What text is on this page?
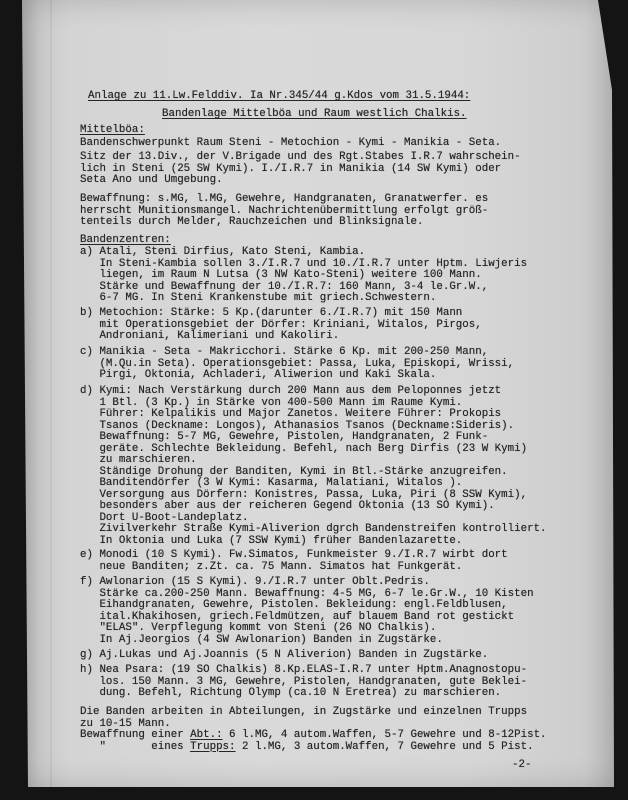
Anlage zu 11.Lw.Felddiv. Ia Nr.345/44 g.Kdos vom 31.5.1944:
Bandenlage Mittelböa und Raum westlich Chalkis.
Mittelböa:
Bandenschwerpunkt Raum Steni - Metochion - Kymi - Manikia - Seta.
Sitz der 13.Div., der V.Brigade und des Rgt.Stabes I.R.7 wahrschein-
lich in Steni (25 SW Kymi). I./I.R.7 in Manikia (14 SW Kymi) oder
Seta Ano und Umgebung.
Bewaffnung: s.MG, l.MG, Gewehre, Handgranaten, Granatwerfer. es
herrscht Munitionsmangel. Nachrichtenübermittlung erfolgt größ-
tenteils durch Melder, Rauchzeichen und Blinksignale.
Bandenzentren:
a) Atali, Steni Dirfius, Kato Steni, Kambia.
In Steni-Kambia sollen 3./I.R.7 und 10./I.R.7 unter Hptm. Liwjeris
liegen, im Raum N Lutsa (3 NW Kato-Steni) weitere 100 Mann.
Stärke und Bewaffnung der 10./I.R.7: 160 Mann, 3-4 le.Gr.W.,
6-7 MG. In Steni Krankenstube mit griech.Schwestern.
b) Metochion: Stärke: 5 Kp.(darunter 6./I.R.7) mit 150 Mann
mit Operationsgebiet der Dörfer: Kriniani, Witalos, Pirgos,
Androniani, Kalimeriani und Kakoliri.
c) Manikia - Seta - Makricchori. Stärke 6 Kp. mit 200-250 Mann,
(M.Qu.in Seta). Operationsgebiet: Passa, Luka, Episkopi, Wrissi,
Pirgi, Oktonia, Achladeri, Aliwerion und Kaki Skala.
d) Kymi: Nach Verstärkung durch 200 Mann aus dem Peloponnes jetzt
1 Btl. (3 Kp.) in Stärke von 400-500 Mann im Raume Kymi.
Führer: Kelpalikis und Major Zanetos. Weitere Führer: Prokopis
Tsanos (Deckname: Longos), Athanasios Tsanos (Deckname:Sideris).
Bewaffnung: 5-7 MG, Gewehre, Pistolen, Handgranaten, 2 Funk-
geräte. Schlechte Bekleidung. Befehl, nach Berg Dirfis (23 W Kymi)
zu marschieren.
Ständige Drohung der Banditen, Kymi in Btl.-Stärke anzugreifen.
Banditendörfer (3 W Kymi: Kasarma, Malatiani, Witalos ).
Versorgung aus Dörfern: Konistres, Passa, Luka, Piri (8 SSW Kymi),
besonders aber aus der reicheren Gegend Oktonia (13 SO Kymi).
Dort U-Boot-Landeplatz.
Zivilverkehr Straße Kymi-Aliverion dgrch Bandenstreifen kontrolliert.
In Oktonia und Luka (7 SSW Kymi) früher Bandenlazarette.
e) Monodi (10 S Kymi). Fw.Simatos, Funkmeister 9./I.R.7 wirbt dort
neue Banditen; z.Zt. ca. 75 Mann. Simatos hat Funkgerät.
f) Awlonarion (15 S Kymi). 9./I.R.7 unter Oblt.Pedris.
Stärke ca.200-250 Mann. Bewaffnung: 4-5 MG, 6-7 le.Gr.W., 10 Kisten
Eihandgranaten, Gewehre, Pistolen. Bekleidung: engl.Feldblusen,
ital.Khakihosen, griech.Feldmützen, auf blauem Band rot gestickt
"ELAS". Verpflegung kommt von Steni (26 NO Chalkis).
In Aj.Jeorgios (4 SW Awlonarion) Banden in Zugstärke.
g) Aj.Lukas und Aj.Joannis (5 N Aliverion) Banden in Zugstärke.
h) Nea Psara: (19 SO Chalkis) 8.Kp.ELAS-I.R.7 unter Hptm.Anagnostopu-
los. 150 Mann. 3 MG, Gewehre, Pistolen, Handgranaten, gute Beklei-
dung. Befehl, Richtung Olymp (ca.10 N Eretrea) zu marschieren.
Die Banden arbeiten in Abteilungen, in Zugstärke und einzelnen Trupps
zu 10-15 Mann.
Bewaffnung einer Abt.: 6 l.MG, 4 autom.Waffen, 5-7 Gewehre und 8-12Pist.
"	eines Trupps: 2 l.MG, 3 autom.Waffen, 7 Gewehre und 5 Pist.
-2-
